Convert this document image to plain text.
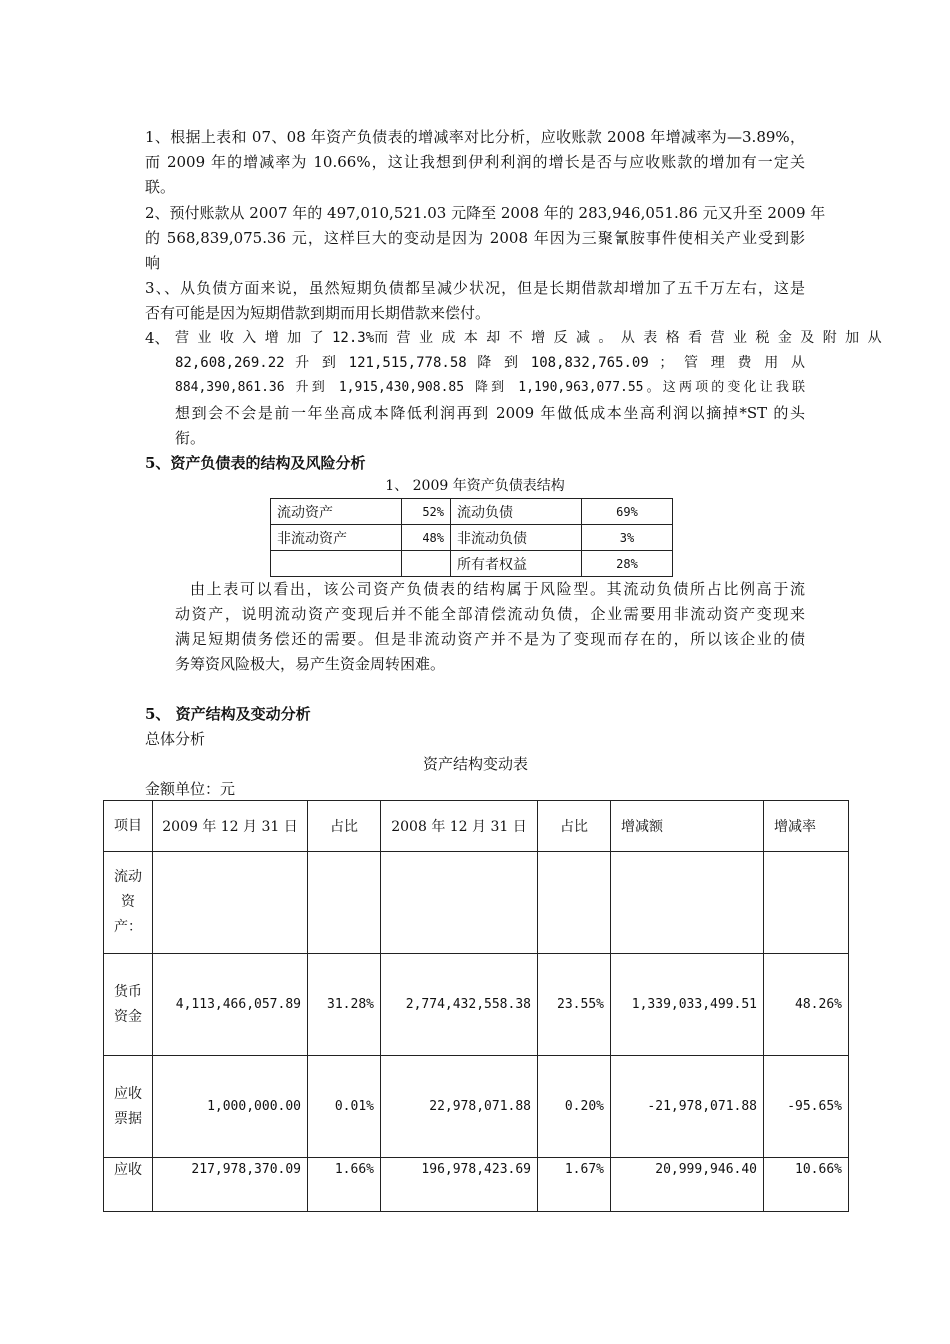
1、根据上表和 07、08 年资产负债表的增减率对比分析，应收账款 2008 年增减率为—3.89%，
而 2009 年的增减率为 10.66%，这让我想到伊利利润的增长是否与应收账款的增加有一定关
联。
2、预付账款从 2007 年的 497,010,521.03 元降至 2008 年的 283,946,051.86 元又升至 2009 年
的 568,839,075.36 元，这样巨大的变动是因为 2008 年因为三聚氰胺事件使相关产业受到影
响
3、、从负债方面来说，虽然短期负债都呈减少状况，但是长期借款却增加了五千万左右，这是
否有可能是因为短期借款到期而用长期借款来偿付。
4、 营 业 收 入 增 加 了 12.3%而 营 业 成 本 却 不 增 反 减 。 从 表 格 看 营 业 税 金 及 附 加 从
82,608,269.22 升 到 121,515,778.58 降 到 108,832,765.09 ； 管 理 费 用 从
884,390,861.36 升到 1,915,430,908.85 降到 1,190,963,077.55。这两项的变化让我联
想到会不会是前一年坐高成本降低利润再到 2009 年做低成本坐高利润以摘掉*ST 的头
衔。
5、资产负债表的结构及风险分析
1、 2009 年资产负债表结构
流动资产	52%	流动负债	69%
非流动资产	48%	非流动负债	3%
		所有者权益	28%
由上表可以看出，该公司资产负债表的结构属于风险型。其流动负债所占比例高于流
动资产，说明流动资产变现后并不能全部清偿流动负债，企业需要用非流动资产变现来
满足短期债务偿还的需要。但是非流动资产并不是为了变现而存在的，所以该企业的债
务筹资风险极大，易产生资金周转困难。
5、 资产结构及变动分析
总体分析
资产结构变动表
金额单位：元
项目	2009 年 12 月 31 日	占比	2008 年 12 月 31 日	占比	增减额	增减率
流动资产：						
货币资金	4,113,466,057.89	31.28%	2,774,432,558.38	23.55%	1,339,033,499.51	48.26%
应收票据	1,000,000.00	0.01%	22,978,071.88	0.20%	-21,978,071.88	-95.65%
应收	217,978,370.09	1.66%	196,978,423.69	1.67%	20,999,946.40	10.66%
